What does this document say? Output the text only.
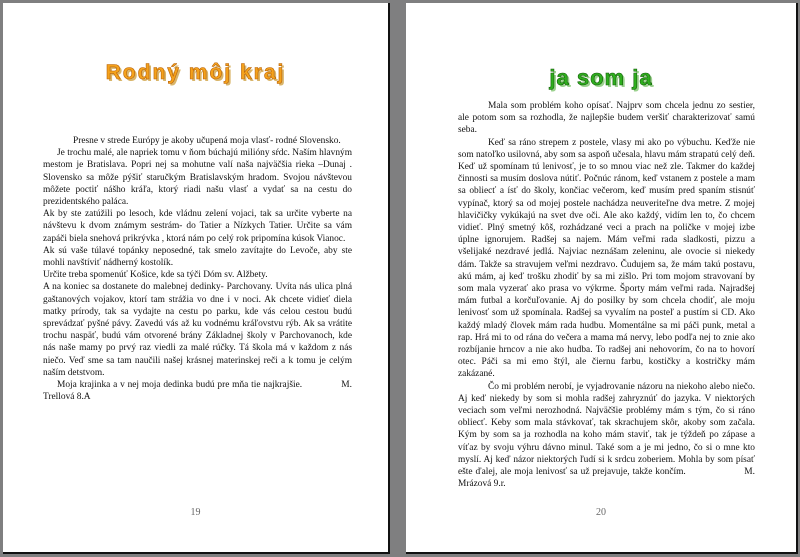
Rodný môj kraj

Presne v strede Európy je akoby učupená moja vlasť- rodné Slovensko.

Je trochu malé, ale napriek tomu v ňom búchajú milióny sŕdc. Naším hlavným mestom je Bratislava. Popri nej sa mohutne valí naša najväčšia rieka –Dunaj . Slovensko sa môže pýšiť staručkým Bratislavským hradom. Svojou návštevou môžete poctiť nášho kráľa, ktorý riadi našu vlasť a vydať sa na cestu do prezidentského paláca.

Ak by ste zatúžili po lesoch, kde vládnu zelení vojaci, tak sa určite vyberte na návštevu k dvom známym sestrám- do Tatier a Nízkych Tatier. Určite sa vám zapáči biela snehová prikrývka , ktorá nám po celý rok pripomína kúsok Vianoc.

Ak sú vaše túlavé topánky neposedné, tak smelo zavítajte do Levoče, aby ste mohli navštíviť nádherný kostolík.

Určite treba spomenúť Košice, kde sa týči Dóm sv. Alžbety.

A na koniec sa dostanete do malebnej dedinky- Parchovany. Uvíta nás ulica plná gaštanových vojakov, ktorí tam strážia vo dne i v noci. Ak chcete vidieť diela matky prírody, tak sa vydajte na cestu po parku, kde vás celou cestou budú sprevádzať pyšné pávy. Zavedú vás až ku vodnému kráľovstvu rýb. Ak sa vrátite trochu naspäť, budú vám otvorené brány Základnej školy v Parchovanoch, kde nás naše mamy po prvý raz viedli za malé rúčky. Tá škola má v každom z nás niečo. Veď sme sa tam naučili našej krásnej materinskej reči a k tomu je celým naším detstvom.

Moja krajinka a v nej moja dedinka budú pre mňa tie najkrajšie.              M. Trellová 8.A

19
ja som ja

Mala som problém koho opísať. Najprv som chcela jednu zo sestier, ale potom som sa rozhodla, že najlepšie budem veršiť charakterizovať samú seba.

Keď sa ráno strepem z postele, vlasy mi ako po výbuchu. Keďže nie som natoľko usilovná, aby som sa aspoň učesala, hlavu mám strapatú celý deň. Keď už spomínam tú lenivosť, je to so mnou viac než zle. Takmer do každej činnosti sa musím doslova nútiť. Počnúc ránom, keď vstanem z postele a mam sa obliecť a ísť do školy, končiac večerom, keď musím pred spaním stisnúť vypínač, ktorý sa od mojej postele nachádza neuveriteľne dva metre. Z mojej hlavičičky vykúkajú na svet dve oči. Ale ako každý, vidím len to, čo chcem vidieť. Plný smetný kôš, rozhádzané veci a prach na poličke v mojej izbe úplne ignorujem. Radšej sa najem. Mám veľmi rada sladkosti, pizzu a všelijaké nezdravé jedlá. Najviac neznášam zeleninu, ale ovocie si niekedy dám. Takže sa stravujem veľmi nezdravo. Čudujem sa, že mám takú postavu, akú mám, aj keď trošku zhodiť by sa mi zišlo. Pri tom mojom stravovaní by som mala vyzerať ako prasa vo výkrme. Športy mám veľmi rada. Najradšej mám futbal a korčuľovanie. Aj do posilky by som chcela chodiť, ale moju lenivosť som už spomínala. Radšej sa vyvalím na posteľ a pustím si CD. Ako každý mladý človek mám rada hudbu. Momentálne sa mi páči punk, metal a rap. Hrá mi to od rána do večera a mama má nervy, lebo podľa nej to znie ako rozbíjanie hrncov a nie ako hudba. To radšej ani nehovorím, čo na to hovorí otec. Páči sa mi emo štýl, ale čiernu farbu, kostičky a kostričky mám zakázané.

Čo mi problém nerobí, je vyjadrovanie názoru na niekoho alebo niečo. Aj keď niekedy by som si mohla radšej zahryznúť do jazyka. V niektorých veciach som veľmi nerozhodná. Najväčšie problémy mám s tým, čo si ráno obliecť. Keby som mala stávkovať, tak skrachujem skôr, akoby som začala. Kým by som sa ja rozhodla na koho mám staviť, tak je týždeň po zápase a víťaz by svoju výhru dávno minul. Také som a je mi jedno, čo si o mne kto myslí. Aj keď názor niektorých ľudí si k srdcu zoberiem. Mohla by som písať ešte ďalej, ale moja lenivosť sa už prejavuje, takže končím.                    M. Mrázová 9.r.

20
